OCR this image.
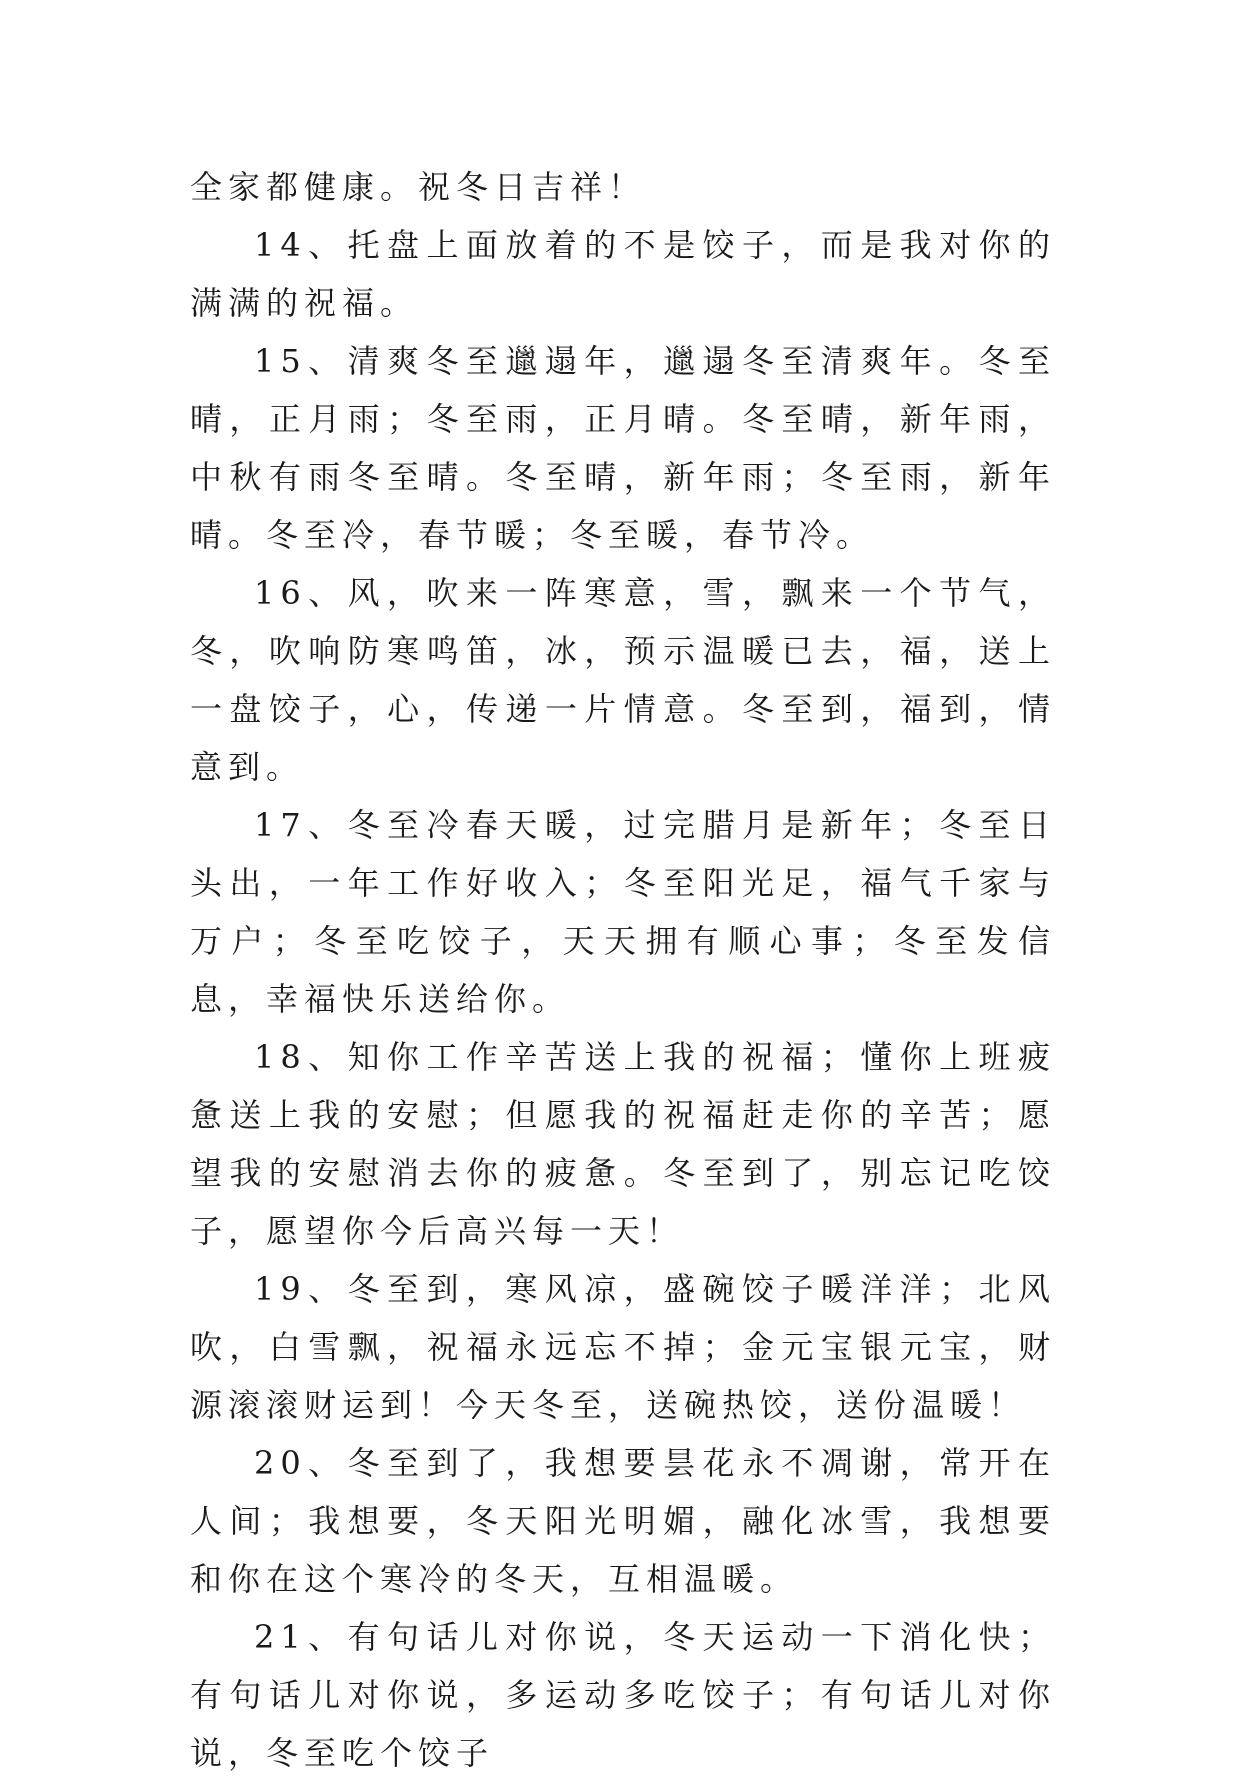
全家都健康。祝冬日吉祥！

14、托盘上面放着的不是饺子，而是我对你的满满的祝福。

15、清爽冬至邋遢年，邋遢冬至清爽年。冬至晴，正月雨；冬至雨，正月晴。冬至晴，新年雨，中秋有雨冬至晴。冬至晴，新年雨；冬至雨，新年晴。冬至冷，春节暖；冬至暖，春节冷。

16、风，吹来一阵寒意，雪，飘来一个节气，冬，吹响防寒鸣笛，冰，预示温暖已去，福，送上一盘饺子，心，传递一片情意。冬至到，福到，情意到。

17、冬至冷春天暖，过完腊月是新年；冬至日头出，一年工作好收入；冬至阳光足，福气千家与万户；冬至吃饺子，天天拥有顺心事；冬至发信息，幸福快乐送给你。

18、知你工作辛苦送上我的祝福；懂你上班疲惫送上我的安慰；但愿我的祝福赶走你的辛苦；愿望我的安慰消去你的疲惫。冬至到了，别忘记吃饺子，愿望你今后高兴每一天！

19、冬至到，寒风凉，盛碗饺子暖洋洋；北风吹，白雪飘，祝福永远忘不掉；金元宝银元宝，财源滚滚财运到！今天冬至，送碗热饺，送份温暖！

20、冬至到了，我想要昙花永不凋谢，常开在人间；我想要，冬天阳光明媚，融化冰雪，我想要和你在这个寒冷的冬天，互相温暖。

21、有句话儿对你说，冬天运动一下消化快；有句话儿对你说，多运动多吃饺子；有句话儿对你说，冬至吃个饺子
